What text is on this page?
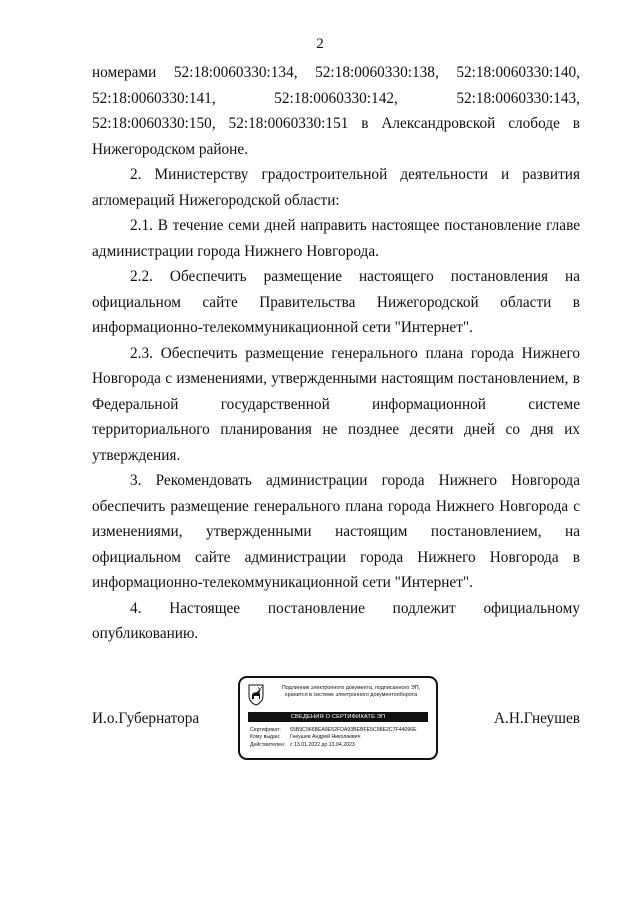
2

номерами 52:18:0060330:134, 52:18:0060330:138, 52:18:0060330:140, 52:18:0060330:141, 52:18:0060330:142, 52:18:0060330:143, 52:18:0060330:150, 52:18:0060330:151 в Александровской слободе в Нижегородском районе.

2. Министерству градостроительной деятельности и развития агломераций Нижегородской области:

2.1. В течение семи дней направить настоящее постановление главе администрации города Нижнего Новгорода.

2.2. Обеспечить размещение настоящего постановления на официальном сайте Правительства Нижегородской области в информационно-телекоммуникационной сети "Интернет".

2.3. Обеспечить размещение генерального плана города Нижнего Новгорода с изменениями, утвержденными настоящим постановлением, в Федеральной государственной информационной системе территориального планирования не позднее десяти дней со дня их утверждения.

3. Рекомендовать администрации города Нижнего Новгорода обеспечить размещение генерального плана города Нижнего Новгорода с изменениями, утвержденными настоящим постановлением, на официальном сайте администрации города Нижнего Новгорода в информационно-телекоммуникационной сети "Интернет".

4. Настоящее постановление подлежит официальному опубликованию.

И.о.Губернатора
Подлинник электронного документа, подписанного ЭП,
хранится в системе электронного документооборота
СВЕДЕНИЯ О СЕРТИФИКАТЕ ЭП
Сертификат: 65B9C966BEA8E52FDA93BEBFE5C98E2C7F44096E
Кому выдан: Гнеушев Андрей Николаевич
Действителен: с 13.01.2022 до 13.04.2023
А.Н.Гнеушев
